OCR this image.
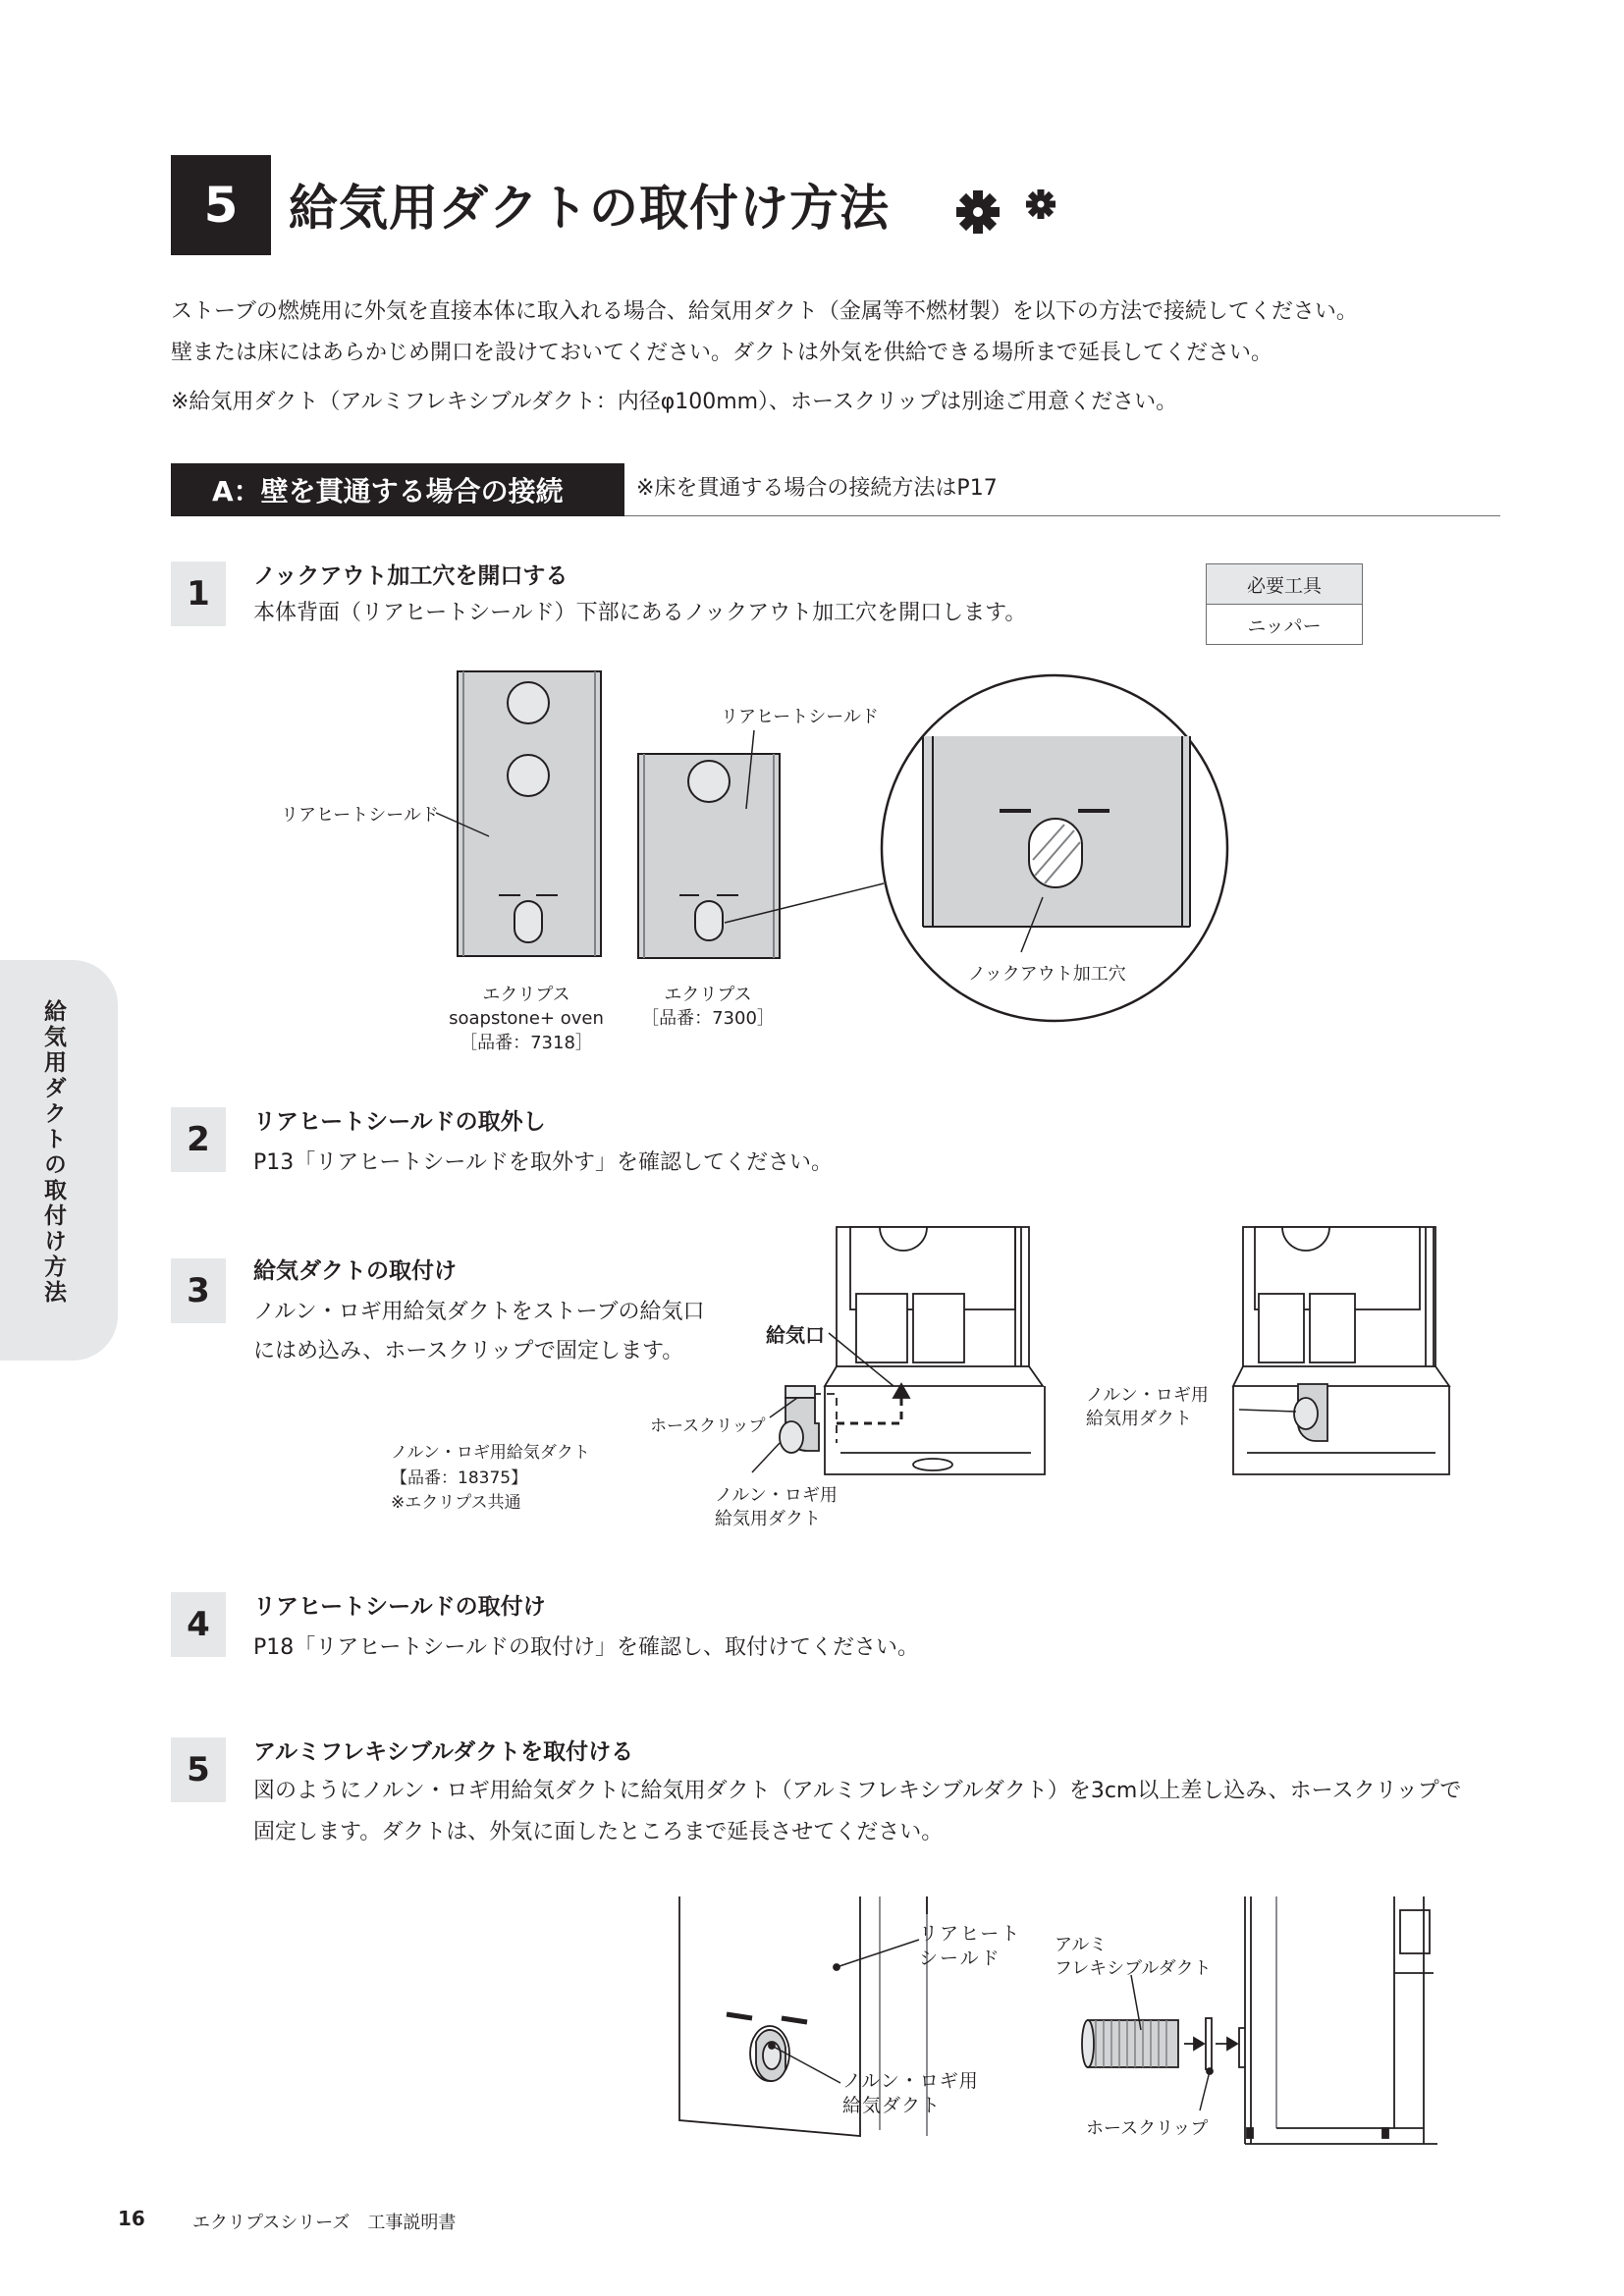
5	給気用ダクトの取付け方法
ストーブの燃焼用に外気を直接本体に取入れる場合、給気用ダクト（金属等不燃材製）を以下の方法で接続してください。
壁または床にはあらかじめ開口を設けておいてください。ダクトは外気を供給できる場所まで延長してください。
※給気用ダクト（アルミフレキシブルダクト：内径φ100mm）、ホースクリップは別途ご用意ください。
A：壁を貫通する場合の接続	※床を貫通する場合の接続方法はP17
1	ノックアウト加工穴を開口する
本体背面（リアヒートシールド）下部にあるノックアウト加工穴を開口します。
必要工具
ニッパー
リアヒートシールド
リアヒートシールド
ノックアウト加工穴
エクリプス
soapstone+ oven
［品番：7318］
エクリプス
［品番：7300］
2	リアヒートシールドの取外し
P13「リアヒートシールドを取外す」を確認してください。
3	給気ダクトの取付け
ノルン・ロギ用給気ダクトをストーブの給気口
にはめ込み、ホースクリップで固定します。
給気口
ホースクリップ
ノルン・ロギ用
給気用ダクト
ノルン・ロギ用
給気用ダクト
ノルン・ロギ用給気ダクト
【品番：18375】
※エクリプス共通
4	リアヒートシールドの取付け
P18「リアヒートシールドの取付け」を確認し、取付けてください。
5	アルミフレキシブルダクトを取付ける
図のようにノルン・ロギ用給気ダクトに給気用ダクト（アルミフレキシブルダクト）を3cm以上差し込み、ホースクリップで
固定します。ダクトは、外気に面したところまで延長させてください。
リアヒート
シールド
ノルン・ロギ用
給気ダクト
アルミ
フレキシブルダクト
ホースクリップ
給気用ダクトの取付け方法
16	エクリプスシリーズ　工事説明書
